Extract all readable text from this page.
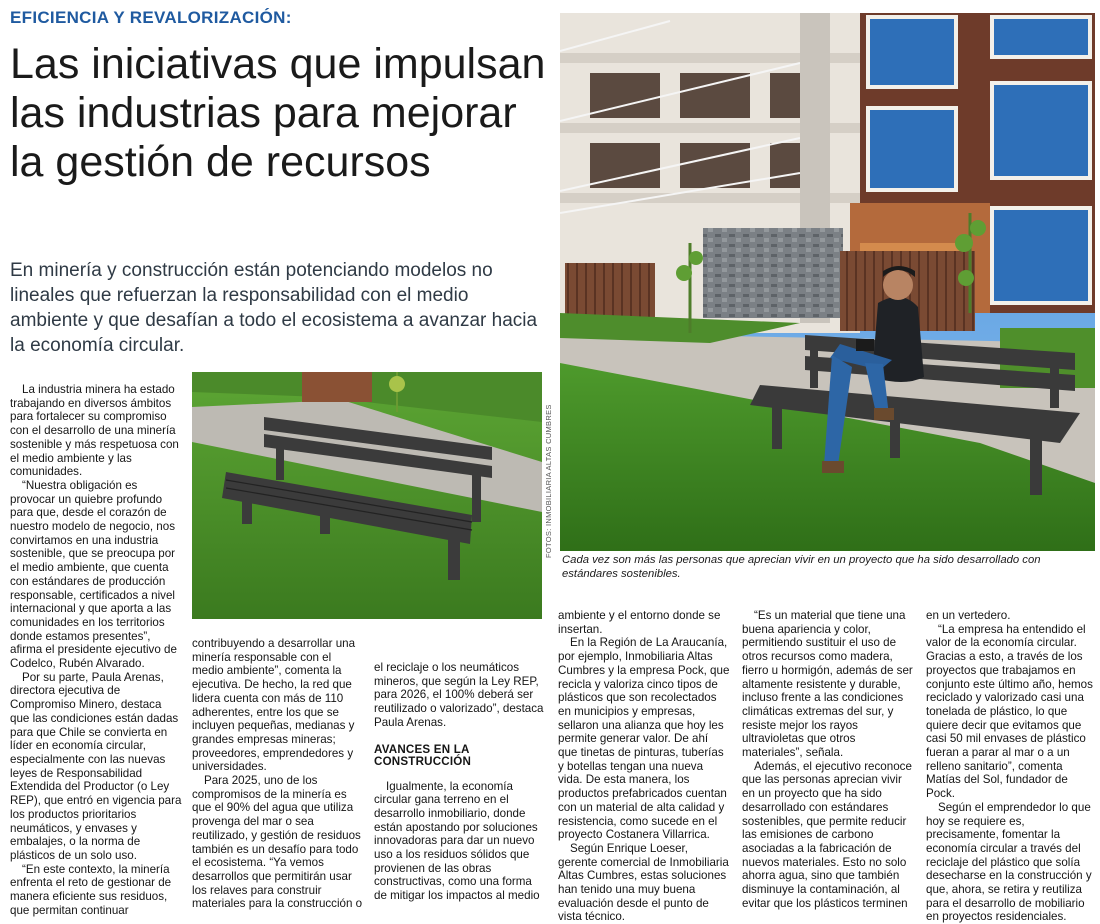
EFICIENCIA Y REVALORIZACIÓN:
Las iniciativas que impulsan las industrias para mejorar la gestión de recursos

En minería y construcción están potenciando modelos no lineales que refuerzan la responsabilidad con el medio ambiente y que desafían a todo el ecosistema a avanzar hacia la economía circular.

FOTOS: INMOBILIARIA ALTAS CUMBRES
Cada vez son más las personas que aprecian vivir en un proyecto que ha sido desarrollado con estándares sostenibles.

La industria minera ha estado trabajando en diversos ámbitos para fortalecer su compromiso con el desarrollo de una minería sostenible y más respetuosa con el medio ambiente y las comunidades.

“Nuestra obligación es provocar un quiebre profundo para que, desde el corazón de nuestro modelo de negocio, nos convirtamos en una industria sostenible, que se preocupa por el medio ambiente, que cuenta con estándares de producción responsable, certificados a nivel internacional y que aporta a las comunidades en los territorios donde estamos presentes”, afirma el presidente ejecutivo de Codelco, Rubén Alvarado.

Por su parte, Paula Arenas, directora ejecutiva de Compromiso Minero, destaca que las condiciones están dadas para que Chile se convierta en líder en economía circular, especialmente con las nuevas leyes de Responsabilidad Extendida del Productor (o Ley REP), que entró en vigencia para los productos prioritarios neumáticos, y envases y embalajes, o la norma de plásticos de un solo uso.

“En este contexto, la minería enfrenta el reto de gestionar de manera eficiente sus residuos, que permitan continuar

contribuyendo a desarrollar una minería responsable con el medio ambiente”, comenta la ejecutiva. De hecho, la red que lidera cuenta con más de 110 adherentes, entre los que se incluyen pequeñas, medianas y grandes empresas mineras; proveedores, emprendedores y universidades.

Para 2025, uno de los compromisos de la minería es que el 90% del agua que utiliza provenga del mar o sea reutilizado, y gestión de residuos también es un desafío para todo el ecosistema. “Ya vemos desarrollos que permitirán usar los relaves para construir materiales para la construcción o

el reciclaje o los neumáticos mineros, que según la Ley REP, para 2026, el 100% deberá ser reutilizado o valorizado”, destaca Paula Arenas.

AVANCES EN LA CONSTRUCCIÓN

Igualmente, la economía circular gana terreno en el desarrollo inmobiliario, donde están apostando por soluciones innovadoras para dar un nuevo uso a los residuos sólidos que provienen de las obras constructivas, como una forma de mitigar los impactos al medio

ambiente y el entorno donde se insertan.

En la Región de La Araucanía, por ejemplo, Inmobiliaria Altas Cumbres y la empresa Pock, que recicla y valoriza cinco tipos de plásticos que son recolectados en municipios y empresas, sellaron una alianza que hoy les permite generar valor. De ahí que tinetas de pinturas, tuberías y botellas tengan una nueva vida. De esta manera, los productos prefabricados cuentan con un material de alta calidad y resistencia, como sucede en el proyecto Costanera Villarrica.

Según Enrique Loeser, gerente comercial de Inmobiliaria Altas Cumbres, estas soluciones han tenido una muy buena evaluación desde el punto de vista técnico.

“Es un material que tiene una buena apariencia y color, permitiendo sustituir el uso de otros recursos como madera, fierro u hormigón, además de ser altamente resistente y durable, incluso frente a las condiciones climáticas extremas del sur, y resiste mejor los rayos ultravioletas que otros materiales”, señala.

Además, el ejecutivo reconoce que las personas aprecian vivir en un proyecto que ha sido desarrollado con estándares sostenibles, que permite reducir las emisiones de carbono asociadas a la fabricación de nuevos materiales. Esto no solo ahorra agua, sino que también disminuye la contaminación, al evitar que los plásticos terminen

en un vertedero.

“La empresa ha entendido el valor de la economía circular. Gracias a esto, a través de los proyectos que trabajamos en conjunto este último año, hemos reciclado y valorizado casi una tonelada de plástico, lo que quiere decir que evitamos que casi 50 mil envases de plástico fueran a parar al mar o a un relleno sanitario”, comenta Matías del Sol, fundador de Pock.

Según el emprendedor lo que hoy se requiere es, precisamente, fomentar la economía circular a través del reciclaje del plástico que solía desecharse en la construcción y que, ahora, se retira y reutiliza para el desarrollo de mobiliario en proyectos residenciales.
